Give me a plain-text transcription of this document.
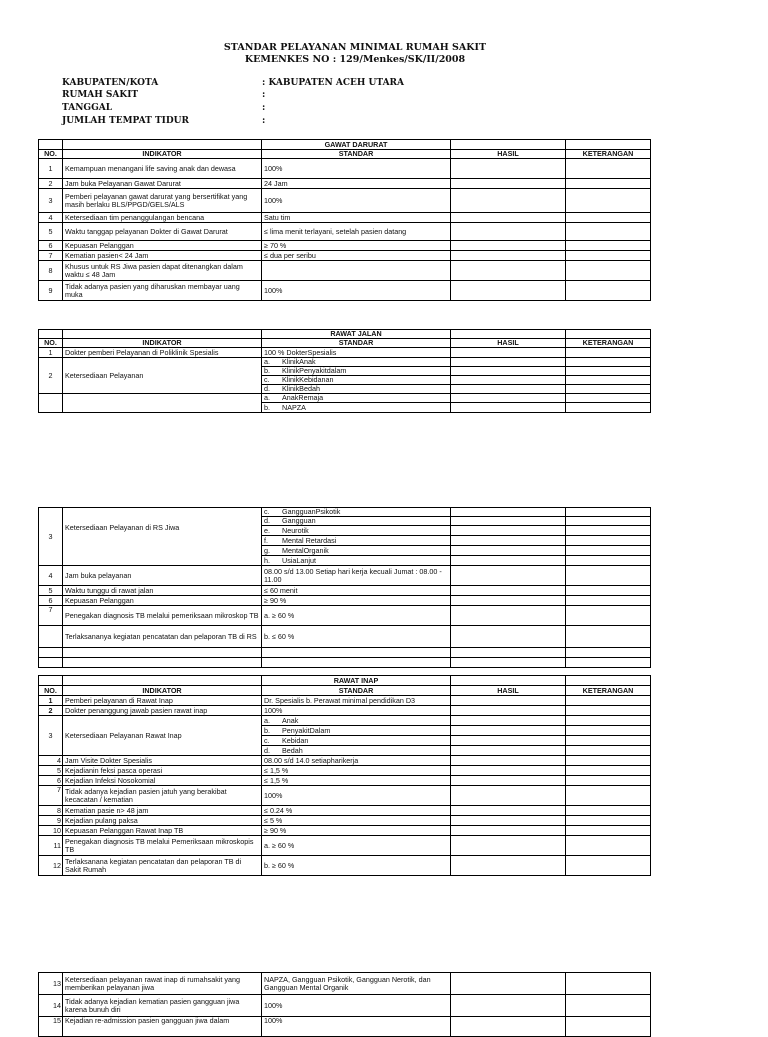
STANDAR PELAYANAN MINIMAL RUMAH SAKIT
KEMENKES NO : 129/Menkes/SK/II/2008
KABUPATEN/KOTA	: KABUPATEN ACEH UTARA
RUMAH SAKIT	:
TANGGAL	:
JUMLAH TEMPAT TIDUR	:
		GAWAT DARURAT		
NO.	INDIKATOR	STANDAR	HASIL	KETERANGAN
1	Kemampuan menangani life saving anak dan dewasa	100%		
2	Jam buka Pelayanan Gawat Darurat	24 Jam		
3	Pemberi pelayanan gawat darurat yang bersertifikat yang masih berlaku BLS/PPGD/GELS/ALS	100%		
4	Ketersediaan tim penanggulangan bencana	Satu tim		
5	Waktu tanggap pelayanan Dokter di Gawat Darurat	≤ lima menit terlayani, setelah pasien datang		
6	Kepuasan Pelanggan	≥ 70 %		
7	Kematian pasien< 24 Jam	≤ dua per seribu		
8	Khusus untuk RS Jiwa pasien dapat ditenangkan dalam waktu ≤ 48 Jam			
9	Tidak adanya pasien yang diharuskan membayar uang muka	100%		
		RAWAT JALAN		
NO.	INDIKATOR	STANDAR	HASIL	KETERANGAN
1	Dokter pemberi Pelayanan di Poliklinik Spesialis	100 % DokterSpesialis		
2	Ketersediaan Pelayanan	a. KlinikAnak		

		b. KlinikPenyakitdalam		

		c. KlinikKebidanan		

		d. KlinikBedah		

		a. AnakRemaja		

		b. NAPZA		

3	Ketersediaan Pelayanan di RS Jiwa	c. GangguanPsikotik		

		d. Gangguan		

		e. Neurotik		

		f. Mental Retardasi		

		g. MentalOrganik		

		h. UsiaLanjut		

4	Jam buka pelayanan	08.00 s/d 13.00 Setiap hari kerja kecuali Jumat : 08.00 - 11.00		
5	Waktu tunggu di rawat jalan	≤ 60 menit		
6	Kepuasan Pelanggan	≥ 90 %		
7	Penegakan diagnosis TB melalui pemeriksaan mikroskop TB	a. ≥ 60 %		
	Terlaksananya kegiatan pencatatan dan pelaporan TB di RS	b. ≤ 60 %		

		RAWAT INAP		
NO.	INDIKATOR	STANDAR	HASIL	KETERANGAN
1	Pemberi pelayanan di Rawat Inap	Dr. Spesialis b. Perawat minimal pendidikan D3		
2	Dokter penanggung jawab pasien rawat inap	100%		
3	Ketersediaan Pelayanan Rawat Inap	a. Anak		

		b. PenyakitDalam		

		c. Kebidan		

		d. Bedah		

4	Jam Visite Dokter Spesialis	08.00 s/d 14.0 setiapharikerja		
5	Kejadianin feksi pasca operasi	≤ 1,5 %		
6	Kejadian Infeksi Nosokomial	≤ 1,5 %		
7	Tidak adanya kejadian pasien jatuh yang berakibat kecacatan / kematian	100%		
8	Kematian pasie n> 48 jam	≤ 0.24 %		
9	Kejadian pulang paksa	≤ 5 %		
10	Kepuasan Pelanggan Rawat Inap TB	≥ 90 %		
11	Penegakan diagnosis TB melalui Pemeriksaan mikroskopis TB	a. ≥ 60 %		
12	Terlaksanana kegiatan pencatatan dan pelaporan TB di Sakit Rumah	b. ≥ 60 %		
13	Ketersediaan pelayanan rawat inap di rumahsakit yang memberikan pelayanan jiwa	NAPZA, Gangguan Psikotik, Gangguan Nerotik, dan Gangguan Mental Organik		
14	Tidak adanya kejadian kematian pasien gangguan jiwa karena bunuh diri	100%		
15	Kejadian re-admission pasien gangguan jiwa dalam	100%		
